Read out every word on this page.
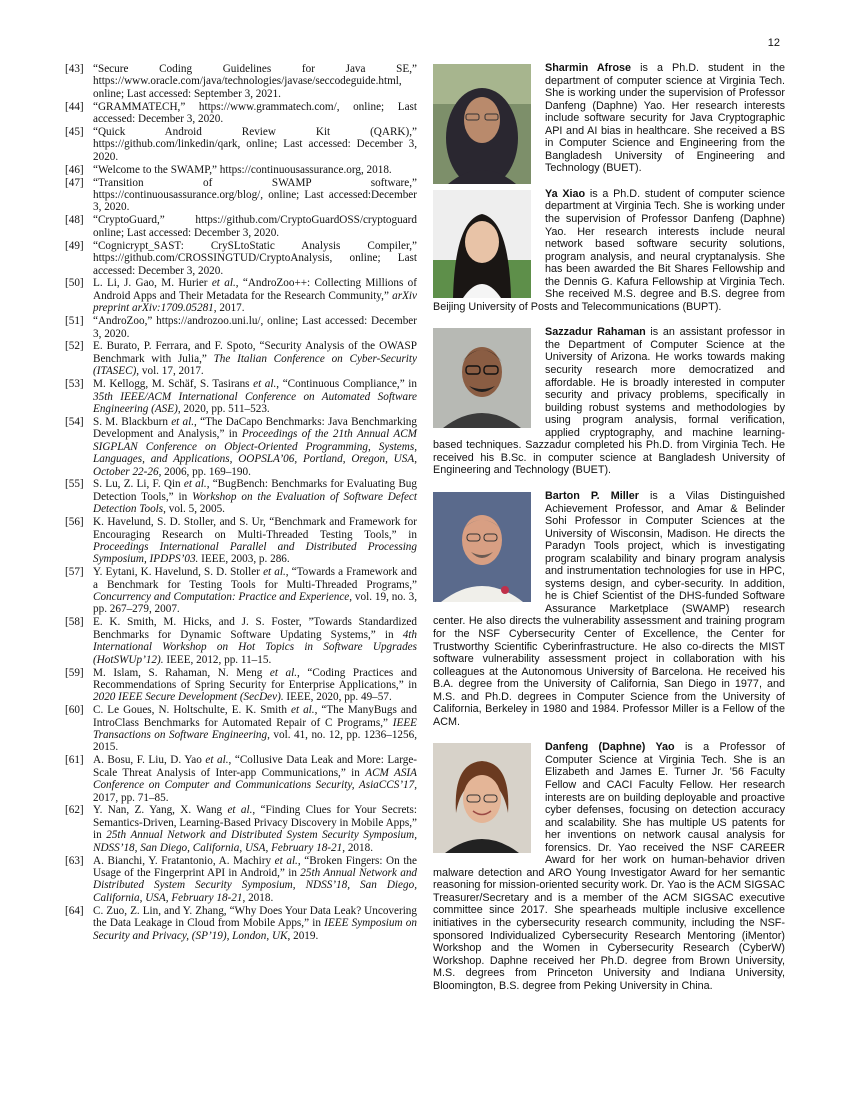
12
[43] “Secure Coding Guidelines for Java SE,” https://www.oracle.com/java/technologies/javase/seccodeguide.html, online; Last accessed: September 3, 2021.
[44] “GRAMMATECH,” https://www.grammatech.com/, online; Last accessed: December 3, 2020.
[45] “Quick Android Review Kit (QARK),” https://github.com/linkedin/qark, online; Last accessed: December 3, 2020.
[46] “Welcome to the SWAMP,” https://continuousassurance.org, 2018.
[47] “Transition of SWAMP software,” https://continuousassurance.org/blog/, online; Last accessed:December 3, 2020.
[48] “CryptoGuard,” https://github.com/CryptoGuardOSS/cryptoguard online; Last accessed: December 3, 2020.
[49] “Cognicrypt_SAST: CrySLtoStatic Analysis Compiler,” https://github.com/CROSSINGTUD/CryptoAnalysis, online; Last accessed: December 3, 2020.
[50] L. Li, J. Gao, M. Hurier et al., “AndroZoo++: Collecting Millions of Android Apps and Their Metadata for the Research Community,” arXiv preprint arXiv:1709.05281, 2017.
[51] “AndroZoo,” https://androzoo.uni.lu/, online; Last accessed: December 3, 2020.
[52] E. Burato, P. Ferrara, and F. Spoto, “Security Analysis of the OWASP Benchmark with Julia,” The Italian Conference on Cyber-Security (ITASEC), vol. 17, 2017.
[53] M. Kellogg, M. Schäf, S. Tasirans et al., “Continuous Compliance,” in 35th IEEE/ACM International Conference on Automated Software Engineering (ASE), 2020, pp. 511–523.
[54] S. M. Blackburn et al., “The DaCapo Benchmarks: Java Benchmarking Development and Analysis,” in Proceedings of the 21th Annual ACM SIGPLAN Conference on Object-Oriented Programming, Systems, Languages, and Applications, OOPSLA’06, Portland, Oregon, USA, October 22-26, 2006, pp. 169–190.
[55] S. Lu, Z. Li, F. Qin et al., “BugBench: Benchmarks for Evaluating Bug Detection Tools,” in Workshop on the Evaluation of Software Defect Detection Tools, vol. 5, 2005.
[56] K. Havelund, S. D. Stoller, and S. Ur, “Benchmark and Framework for Encouraging Research on Multi-Threaded Testing Tools,” in Proceedings International Parallel and Distributed Processing Symposium, IPDPS’03. IEEE, 2003, p. 286.
[57] Y. Eytani, K. Havelund, S. D. Stoller et al., “Towards a Framework and a Benchmark for Testing Tools for Multi-Threaded Programs,” Concurrency and Computation: Practice and Experience, vol. 19, no. 3, pp. 267–279, 2007.
[58] E. K. Smith, M. Hicks, and J. S. Foster, ”Towards Standardized Benchmarks for Dynamic Software Updating Systems,” in 4th International Workshop on Hot Topics in Software Upgrades (HotSWUp’12). IEEE, 2012, pp. 11–15.
[59] M. Islam, S. Rahaman, N. Meng et al., “Coding Practices and Recommendations of Spring Security for Enterprise Applications,” in 2020 IEEE Secure Development (SecDev). IEEE, 2020, pp. 49–57.
[60] C. Le Goues, N. Holtschulte, E. K. Smith et al., “The ManyBugs and IntroClass Benchmarks for Automated Repair of C Programs,” IEEE Transactions on Software Engineering, vol. 41, no. 12, pp. 1236–1256, 2015.
[61] A. Bosu, F. Liu, D. Yao et al., “Collusive Data Leak and More: Large-Scale Threat Analysis of Inter-app Communications,” in ACM ASIA Conference on Computer and Communications Security, AsiaCCS’17, 2017, pp. 71–85.
[62] Y. Nan, Z. Yang, X. Wang et al., “Finding Clues for Your Secrets: Semantics-Driven, Learning-Based Privacy Discovery in Mobile Apps,” in 25th Annual Network and Distributed System Security Symposium, NDSS’18, San Diego, California, USA, February 18-21, 2018.
[63] A. Bianchi, Y. Fratantonio, A. Machiry et al., “Broken Fingers: On the Usage of the Fingerprint API in Android,” in 25th Annual Network and Distributed System Security Symposium, NDSS’18, San Diego, California, USA, February 18-21, 2018.
[64] C. Zuo, Z. Lin, and Y. Zhang, “Why Does Your Data Leak? Uncovering the Data Leakage in Cloud from Mobile Apps,” in IEEE Symposium on Security and Privacy, (SP’19), London, UK, 2019.
Sharmin Afrose is a Ph.D. student in the department of computer science at Virginia Tech. She is working under the supervision of Professor Danfeng (Daphne) Yao. Her research interests include software security for Java Cryptographic API and AI bias in healthcare. She received a BS in Computer Science and Engineering from the Bangladesh University of Engineering and Technology (BUET).
Ya Xiao is a Ph.D. student of computer science department at Virginia Tech. She is working under the supervision of Professor Danfeng (Daphne) Yao. Her research interests include neural network based software security solutions, program analysis, and neural cryptanalysis. She has been awarded the Bit Shares Fellowship and the Dennis G. Kafura Fellowship at Virginia Tech. She received M.S. degree and B.S. degree from Beijing University of Posts and Telecommunications (BUPT).
Sazzadur Rahaman is an assistant professor in the Department of Computer Science at the University of Arizona. He works towards making security research more democratized and affordable. He is broadly interested in computer security and privacy problems, specifically in building robust systems and methodologies by using program analysis, formal verification, applied cryptography, and machine learning-based techniques. Sazzadur completed his Ph.D. from Virginia Tech. He received his B.Sc. in computer science at Bangladesh University of Engineering and Technology (BUET).
Barton P. Miller is a Vilas Distinguished Achievement Professor, and Amar & Belinder Sohi Professor in Computer Sciences at the University of Wisconsin, Madison. He directs the Paradyn Tools project, which is investigating program scalability and binary program analysis and instrumentation technologies for use in HPC, systems design, and cyber-security. In addition, he is Chief Scientist of the DHS-funded Software Assurance Marketplace (SWAMP) research center. He also directs the vulnerability assessment and training program for the NSF Cybersecurity Center of Excellence, the Center for Trustworthy Scientific Cyberinfrastructure. He also co-directs the MIST software vulnerability assessment project in collaboration with his colleagues at the Autonomous University of Barcelona. He received his B.A. degree from the University of California, San Diego in 1977, and M.S. and Ph.D. degrees in Computer Science from the University of California, Berkeley in 1980 and 1984. Professor Miller is a Fellow of the ACM.
Danfeng (Daphne) Yao is a Professor of Computer Science at Virginia Tech. She is an Elizabeth and James E. Turner Jr. ’56 Faculty Fellow and CACI Faculty Fellow. Her research interests are on building deployable and proactive cyber defenses, focusing on detection accuracy and scalability. She has multiple US patents for her inventions on network causal analysis for forensics. Dr. Yao received the NSF CAREER Award for her work on human-behavior driven malware detection and ARO Young Investigator Award for her semantic reasoning for mission-oriented security work. Dr. Yao is the ACM SIGSAC Treasurer/Secretary and is a member of the ACM SIGSAC executive committee since 2017. She spearheads multiple inclusive excellence initiatives in the cybersecurity research community, including the NSF-sponsored Individualized Cybersecurity Research Mentoring (iMentor) Workshop and the Women in Cybersecurity Research (CyberW) Workshop. Daphne received her Ph.D. degree from Brown University, M.S. degrees from Princeton University and Indiana University, Bloomington, B.S. degree from Peking University in China.
